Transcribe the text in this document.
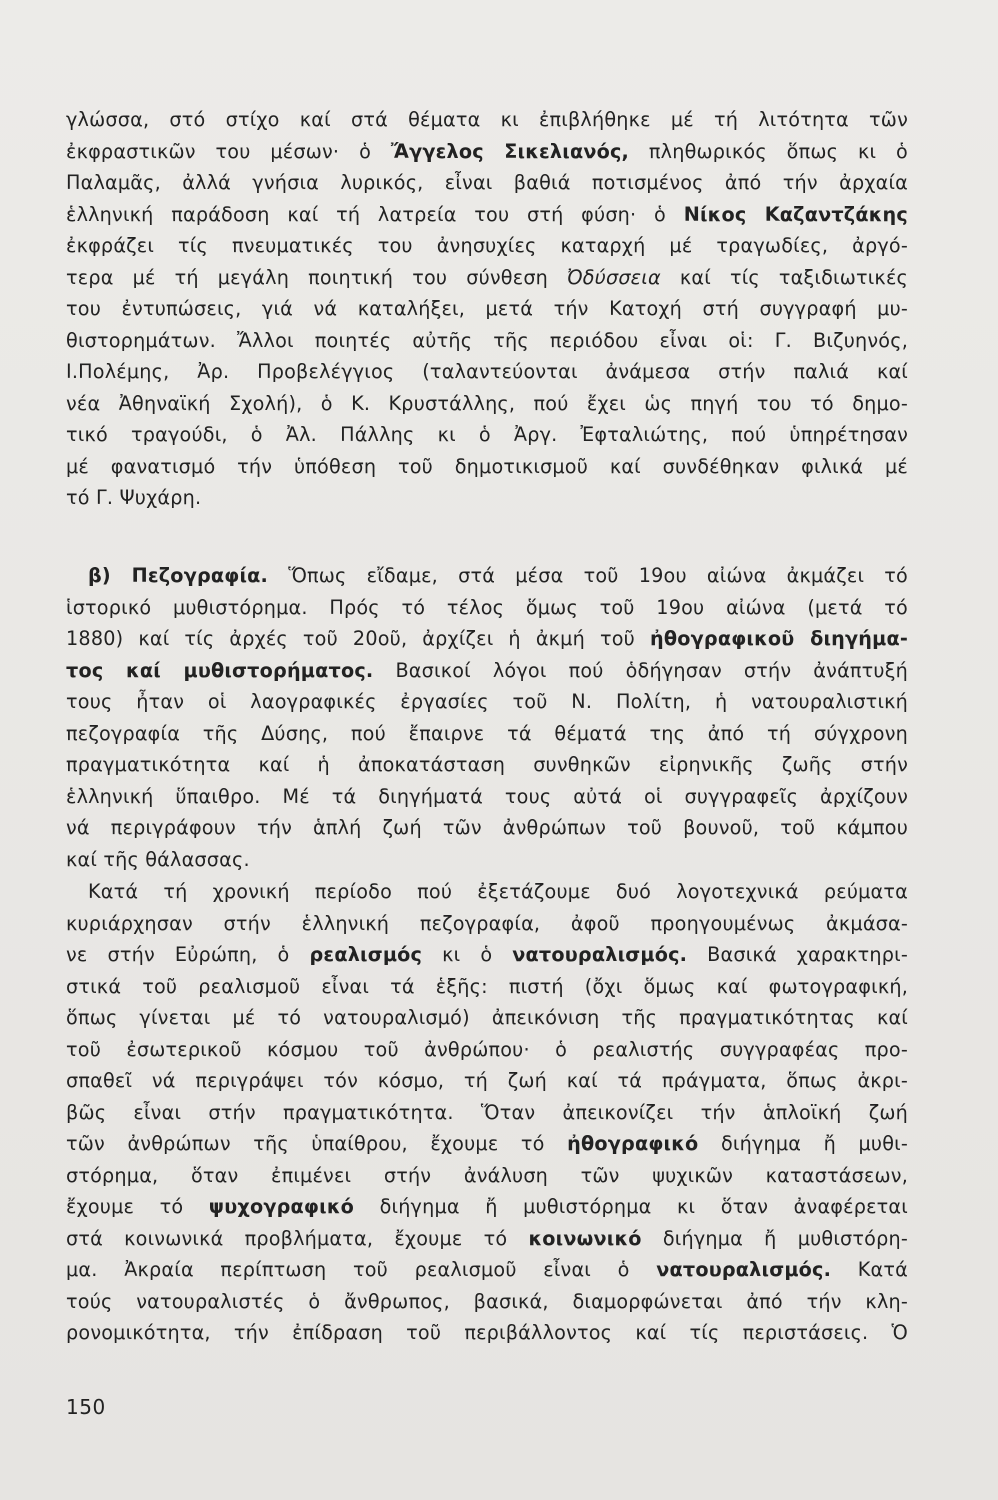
γλώσσα, στό στίχο καί στά θέματα κι ἐπιβλήθηκε μέ τή λιτότητα τῶν
ἐκφραστικῶν του μέσων· ὁ Ἄγγελος Σικελιανός, πληθωρικός ὅπως κι ὁ
Παλαμᾶς, ἀλλά γνήσια λυρικός, εἶναι βαθιά ποτισμένος ἀπό τήν ἀρχαία
ἑλληνική παράδοση καί τή λατρεία του στή φύση· ὁ Νίκος Καζαντζάκης
ἐκφράζει τίς πνευματικές του ἀνησυχίες καταρχή μέ τραγωδίες, ἀργό-
τερα μέ τή μεγάλη ποιητική του σύνθεση Ὀδύσσεια καί τίς ταξιδιωτικές
του ἐντυπώσεις, γιά νά καταλήξει, μετά τήν Κατοχή στή συγγραφή μυ-
θιστορημάτων. Ἄλλοι ποιητές αὐτῆς τῆς περιόδου εἶναι οἱ: Γ. Βιζυηνός,
Ι.Πολέμης, Ἀρ. Προβελέγγιος (ταλαντεύονται ἀνάμεσα στήν παλιά καί
νέα Ἀθηναϊκή Σχολή), ὁ Κ. Κρυστάλλης, πού ἔχει ὡς πηγή του τό δημο-
τικό τραγούδι, ὁ Ἀλ. Πάλλης κι ὁ Ἀργ. Ἐφταλιώτης, πού ὑπηρέτησαν
μέ φανατισμό τήν ὑπόθεση τοῦ δημοτικισμοῦ καί συνδέθηκαν φιλικά μέ
τό Γ. Ψυχάρη.
β) Πεζογραφία. Ὅπως εἴδαμε, στά μέσα τοῦ 19ου αἰώνα ἀκμάζει τό
ἱστορικό μυθιστόρημα. Πρός τό τέλος ὅμως τοῦ 19ου αἰώνα (μετά τό
1880) καί τίς ἀρχές τοῦ 20οῦ, ἀρχίζει ἡ ἀκμή τοῦ ἠθογραφικοῦ διηγήμα-
τος καί μυθιστορήματος. Βασικοί λόγοι πού ὁδήγησαν στήν ἀνάπτυξή
τους ἦταν οἱ λαογραφικές ἐργασίες τοῦ Ν. Πολίτη, ἡ νατουραλιστική
πεζογραφία τῆς Δύσης, πού ἔπαιρνε τά θέματά της ἀπό τή σύγχρονη
πραγματικότητα καί ἡ ἀποκατάσταση συνθηκῶν εἰρηνικῆς ζωῆς στήν
ἑλληνική ὕπαιθρο. Μέ τά διηγήματά τους αὐτά οἱ συγγραφεῖς ἀρχίζουν
νά περιγράφουν τήν ἁπλή ζωή τῶν ἀνθρώπων τοῦ βουνοῦ, τοῦ κάμπου
καί τῆς θάλασσας.
Κατά τή χρονική περίοδο πού ἐξετάζουμε δυό λογοτεχνικά ρεύματα
κυριάρχησαν στήν ἑλληνική πεζογραφία, ἀφοῦ προηγουμένως ἀκμάσα-
νε στήν Εὐρώπη, ὁ ρεαλισμός κι ὁ νατουραλισμός. Βασικά χαρακτηρι-
στικά τοῦ ρεαλισμοῦ εἶναι τά ἑξῆς: πιστή (ὄχι ὅμως καί φωτογραφική,
ὅπως γίνεται μέ τό νατουραλισμό) ἀπεικόνιση τῆς πραγματικότητας καί
τοῦ ἐσωτερικοῦ κόσμου τοῦ ἀνθρώπου· ὁ ρεαλιστής συγγραφέας προ-
σπαθεῖ νά περιγράψει τόν κόσμο, τή ζωή καί τά πράγματα, ὅπως ἀκρι-
βῶς εἶναι στήν πραγματικότητα. Ὅταν ἀπεικονίζει τήν ἁπλοϊκή ζωή
τῶν ἀνθρώπων τῆς ὑπαίθρου, ἔχουμε τό ἠθογραφικό διήγημα ἤ μυθι-
στόρημα, ὅταν ἐπιμένει στήν ἀνάλυση τῶν ψυχικῶν καταστάσεων,
ἔχουμε τό ψυχογραφικό διήγημα ἤ μυθιστόρημα κι ὅταν ἀναφέρεται
στά κοινωνικά προβλήματα, ἔχουμε τό κοινωνικό διήγημα ἤ μυθιστόρη-
μα. Ἀκραία περίπτωση τοῦ ρεαλισμοῦ εἶναι ὁ νατουραλισμός. Κατά
τούς νατουραλιστές ὁ ἄνθρωπος, βασικά, διαμορφώνεται ἀπό τήν κλη-
ρονομικότητα, τήν ἐπίδραση τοῦ περιβάλλοντος καί τίς περιστάσεις. Ὁ
150
